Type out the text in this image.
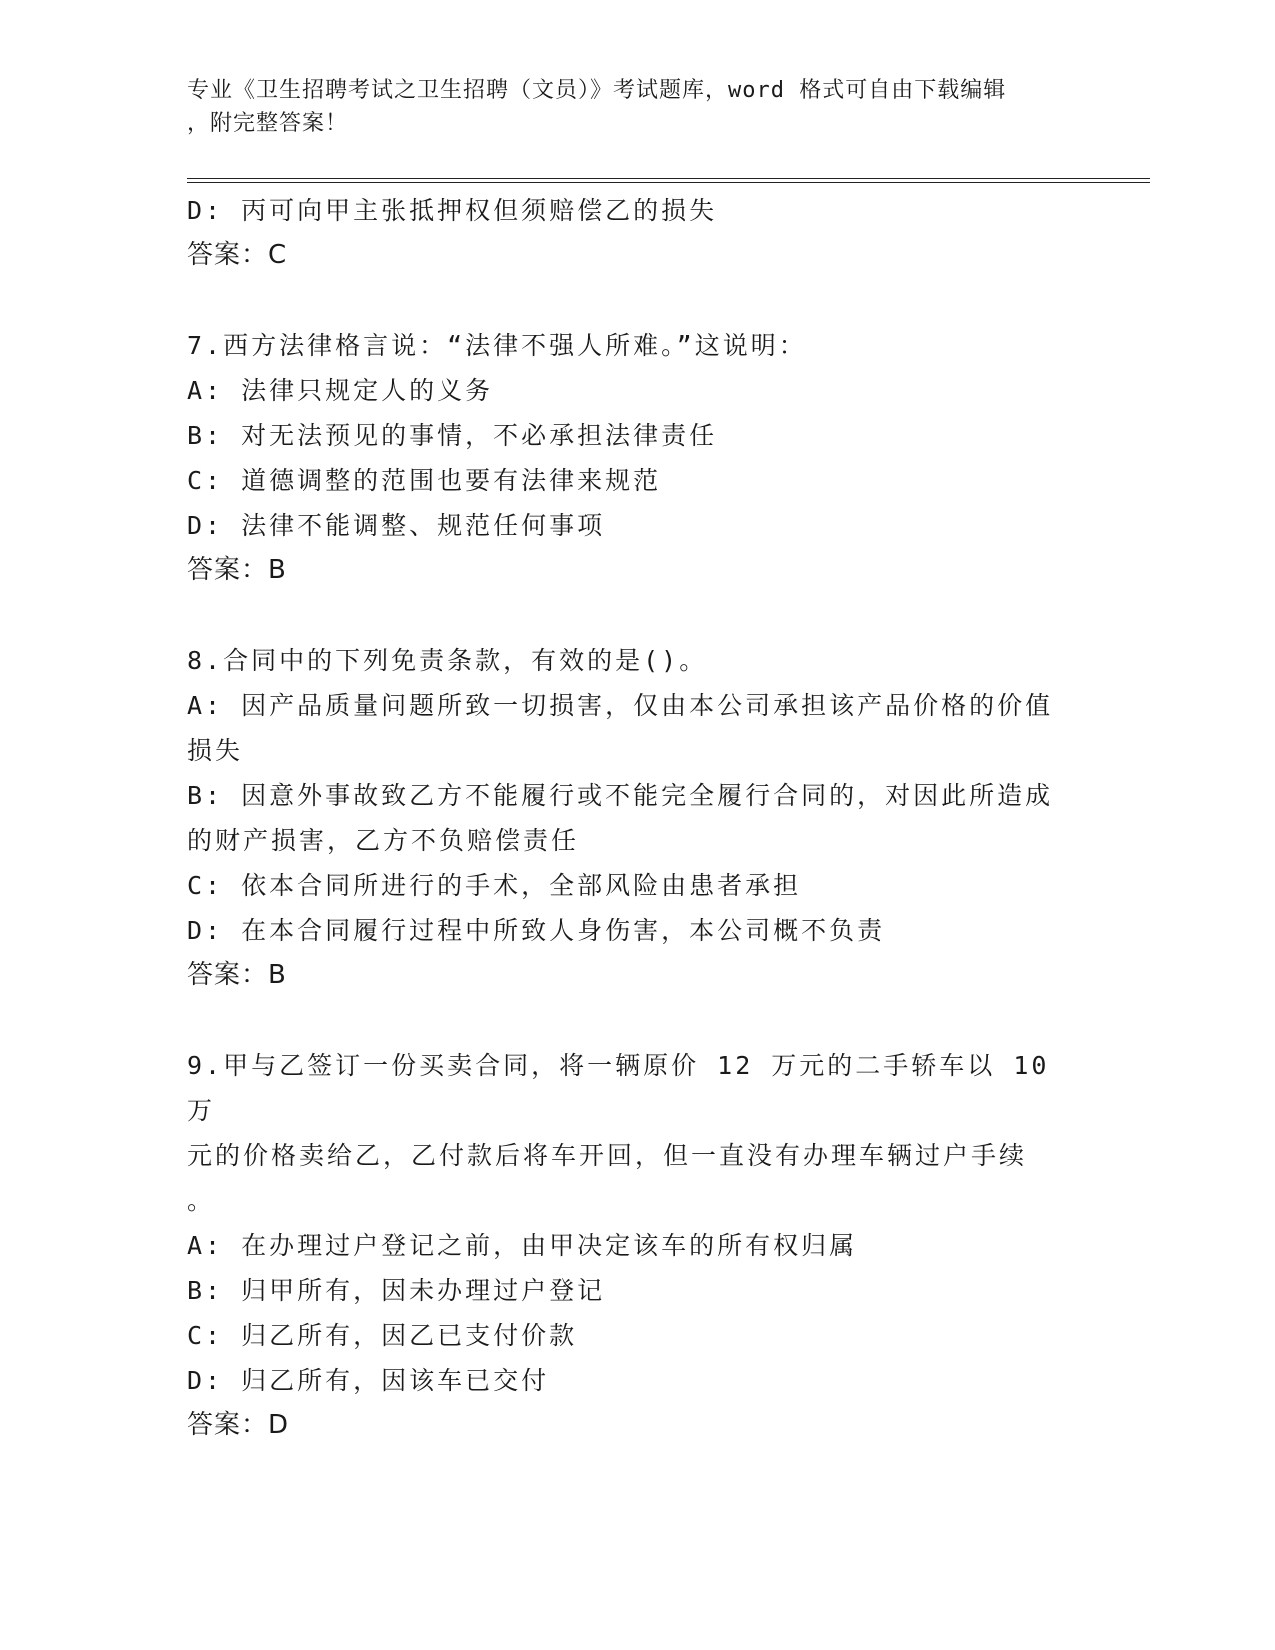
专业《卫生招聘考试之卫生招聘（文员）》考试题库，word 格式可自由下载编辑
，附完整答案！
D: 丙可向甲主张抵押权但须赔偿乙的损失
答案：C
7.西方法律格言说：“法律不强人所难。”这说明：
A: 法律只规定人的义务
B: 对无法预见的事情，不必承担法律责任
C: 道德调整的范围也要有法律来规范
D: 法律不能调整、规范任何事项
答案：B
8.合同中的下列免责条款，有效的是()。
A: 因产品质量问题所致一切损害，仅由本公司承担该产品价格的价值
损失
B: 因意外事故致乙方不能履行或不能完全履行合同的，对因此所造成
的财产损害，乙方不负赔偿责任
C: 依本合同所进行的手术，全部风险由患者承担
D: 在本合同履行过程中所致人身伤害，本公司概不负责
答案：B
9.甲与乙签订一份买卖合同，将一辆原价 12 万元的二手轿车以 10 万
元的价格卖给乙，乙付款后将车开回，但一直没有办理车辆过户手续
。
A: 在办理过户登记之前，由甲决定该车的所有权归属
B: 归甲所有，因未办理过户登记
C: 归乙所有，因乙已支付价款
D: 归乙所有，因该车已交付
答案：D
